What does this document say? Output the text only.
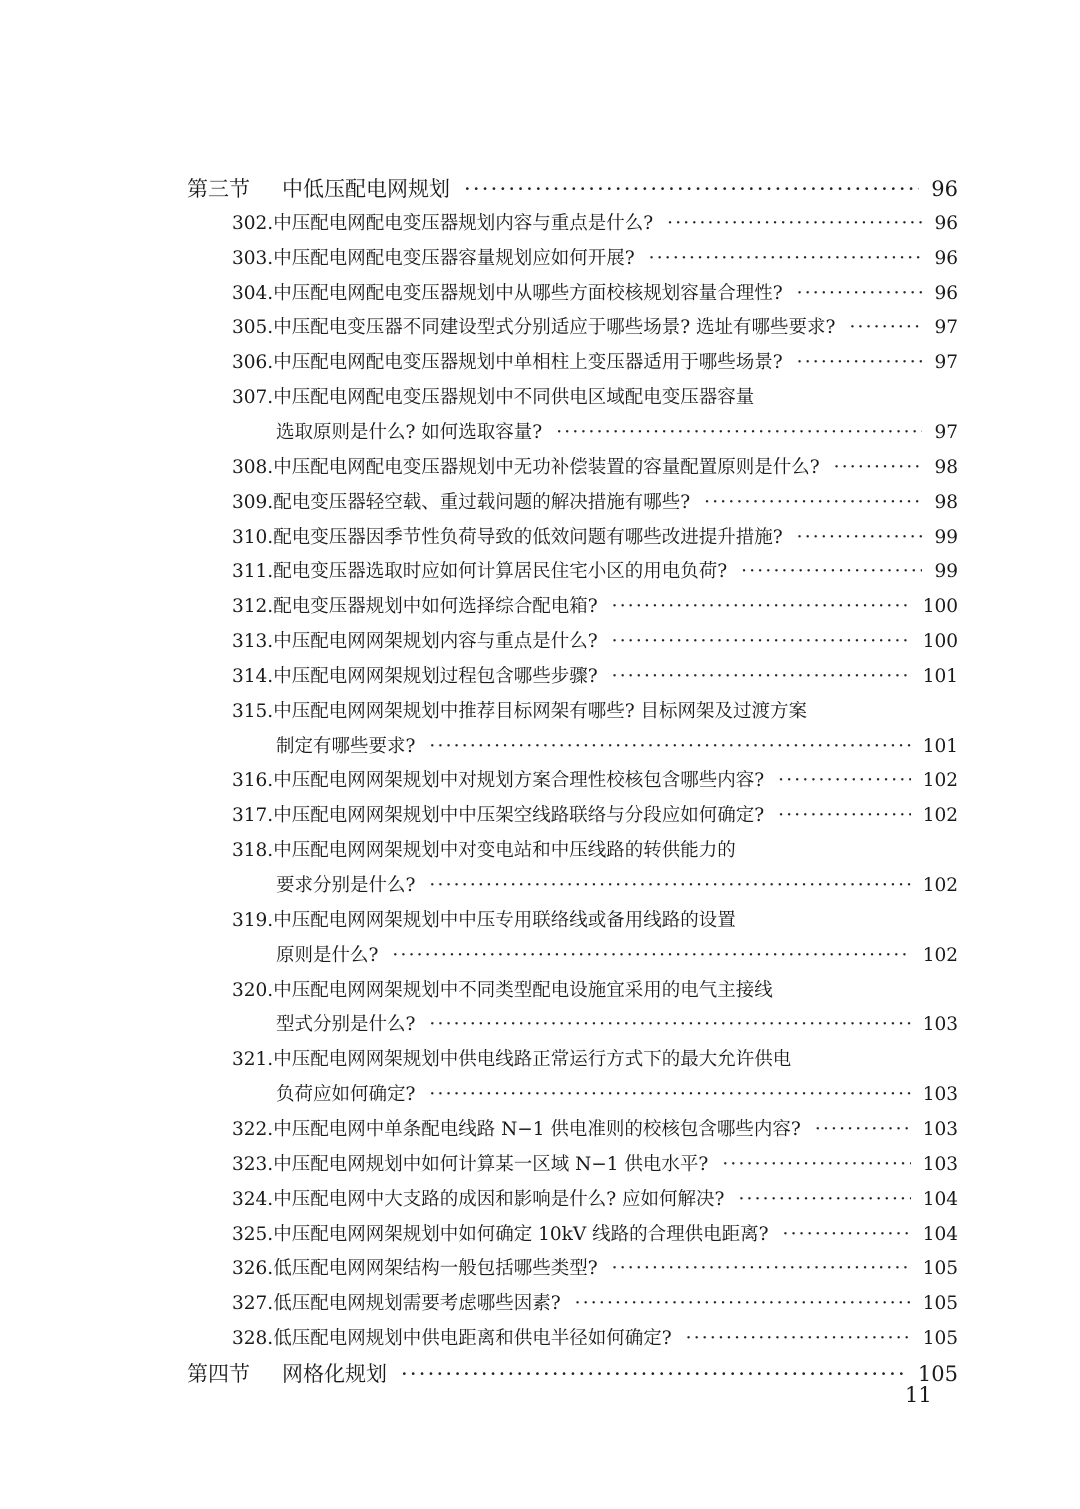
第三节	中低压配电网规划 ·····	96
302. 中压配电网配电变压器规划内容与重点是什么? ·····	96
303. 中压配电网配电变压器容量规划应如何开展? ·····	96
304. 中压配电网配电变压器规划中从哪些方面校核规划容量合理性? ·····	96
305. 中压配电变压器不同建设型式分别适应于哪些场景? 选址有哪些要求? ·····	97
306. 中压配电网配电变压器规划中单相柱上变压器适用于哪些场景? ·····	97
307. 中压配电网配电变压器规划中不同供电区域配电变压器容量
选取原则是什么? 如何选取容量? ·····	97
308. 中压配电网配电变压器规划中无功补偿装置的容量配置原则是什么? ·····	98
309. 配电变压器轻空载、重过载问题的解决措施有哪些? ·····	98
310. 配电变压器因季节性负荷导致的低效问题有哪些改进提升措施? ·····	99
311. 配电变压器选取时应如何计算居民住宅小区的用电负荷? ·····	99
312. 配电变压器规划中如何选择综合配电箱? ·····	100
313. 中压配电网网架规划内容与重点是什么? ·····	100
314. 中压配电网网架规划过程包含哪些步骤? ·····	101
315. 中压配电网网架规划中推荐目标网架有哪些? 目标网架及过渡方案
制定有哪些要求? ·····	101
316. 中压配电网网架规划中对规划方案合理性校核包含哪些内容? ·····	102
317. 中压配电网网架规划中中压架空线路联络与分段应如何确定? ·····	102
318. 中压配电网网架规划中对变电站和中压线路的转供能力的
要求分别是什么? ·····	102
319. 中压配电网网架规划中中压专用联络线或备用线路的设置
原则是什么? ·····	102
320. 中压配电网网架规划中不同类型配电设施宜采用的电气主接线
型式分别是什么? ·····	103
321. 中压配电网网架规划中供电线路正常运行方式下的最大允许供电
负荷应如何确定? ·····	103
322. 中压配电网中单条配电线路 N−1 供电准则的校核包含哪些内容? ·····	103
323. 中压配电网规划中如何计算某一区域 N−1 供电水平? ·····	103
324. 中压配电网中大支路的成因和影响是什么? 应如何解决? ·····	104
325. 中压配电网网架规划中如何确定 10kV 线路的合理供电距离? ·····	104
326. 低压配电网网架结构一般包括哪些类型? ·····	105
327. 低压配电网规划需要考虑哪些因素? ·····	105
328. 低压配电网规划中供电距离和供电半径如何确定? ·····	105
第四节	网格化规划 ·····	105
11
